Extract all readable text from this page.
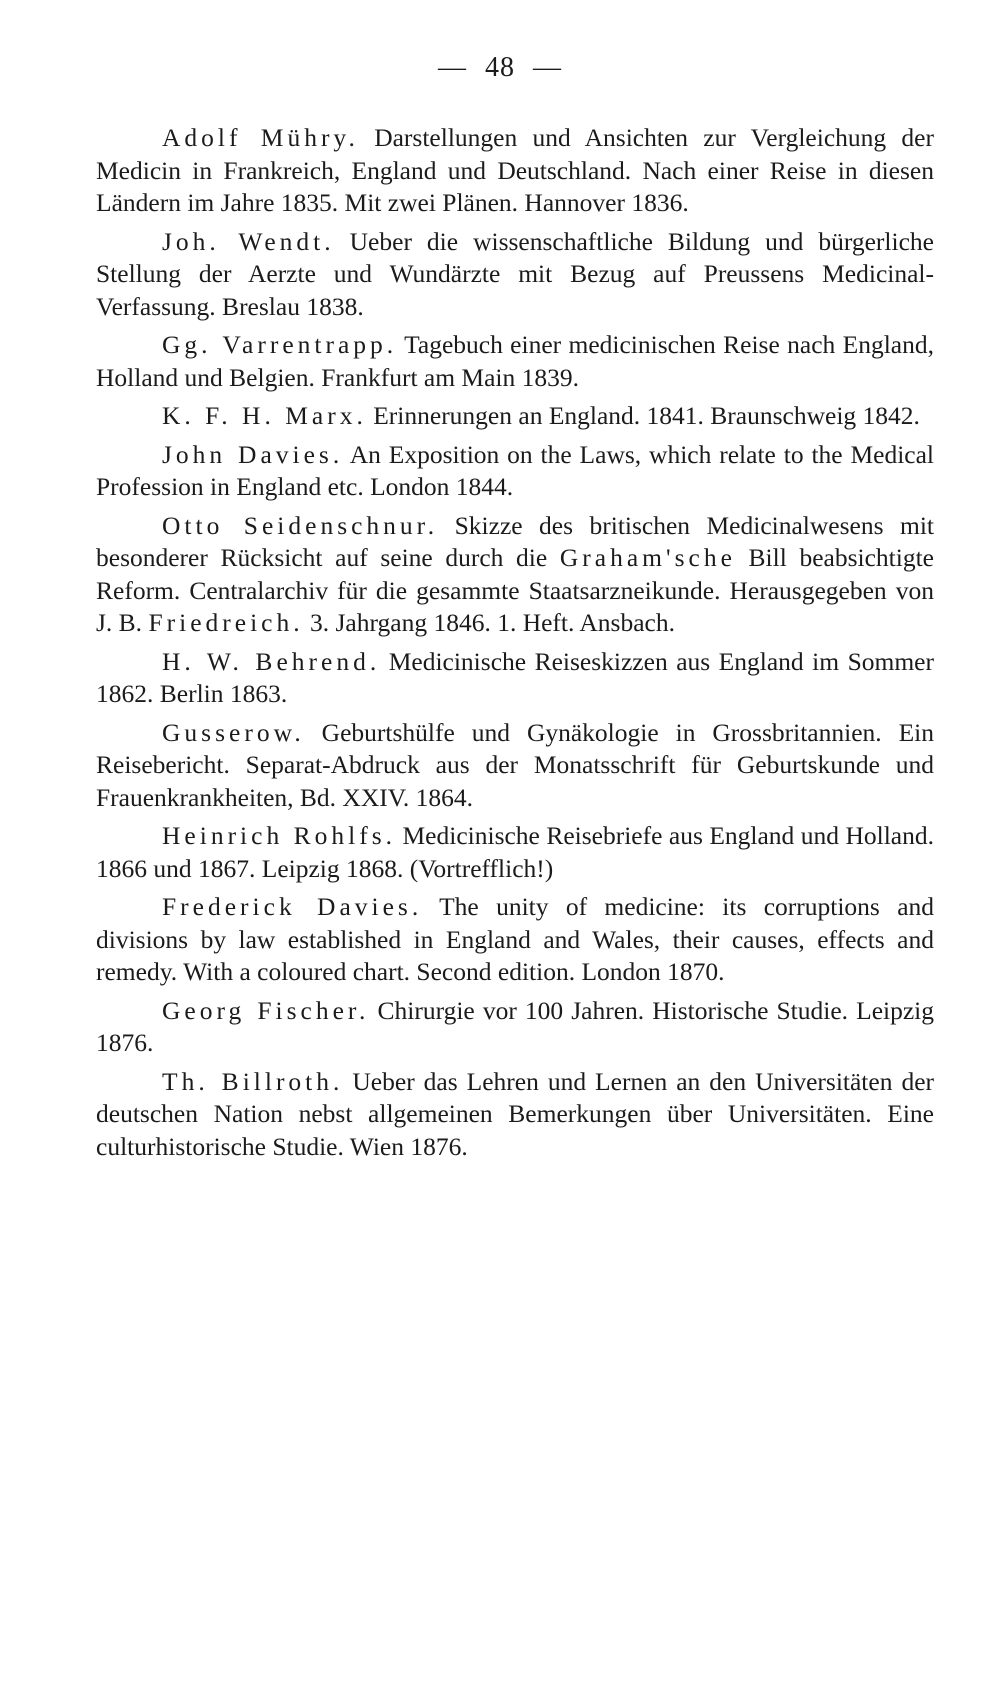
— 48 —

Adolf Mühry. Darstellungen und Ansichten zur Vergleichung der Medicin in Frankreich, England und Deutschland. Nach einer Reise in diesen Ländern im Jahre 1835. Mit zwei Plänen. Hannover 1836.

Joh. Wendt. Ueber die wissenschaftliche Bildung und bürgerliche Stellung der Aerzte und Wundärzte mit Bezug auf Preussens Medicinal-Verfassung. Breslau 1838.

Gg. Varrentrapp. Tagebuch einer medicinischen Reise nach England, Holland und Belgien. Frankfurt am Main 1839.

K. F. H. Marx. Erinnerungen an England. 1841. Braunschweig 1842.

John Davies. An Exposition on the Laws, which relate to the Medical Profession in England etc. London 1844.

Otto Seidenschnur. Skizze des britischen Medicinalwesens mit besonderer Rücksicht auf seine durch die Graham'sche Bill beabsichtigte Reform. Centralarchiv für die gesammte Staatsarzneikunde. Herausgegeben von J. B. Friedreich. 3. Jahrgang 1846. 1. Heft. Ansbach.

H. W. Behrend. Medicinische Reiseskizzen aus England im Sommer 1862. Berlin 1863.

Gusserow. Geburtshülfe und Gynäkologie in Grossbritannien. Ein Reisebericht. Separat-Abdruck aus der Monatsschrift für Geburtskunde und Frauenkrankheiten, Bd. XXIV. 1864.

Heinrich Rohlfs. Medicinische Reisebriefe aus England und Holland. 1866 und 1867. Leipzig 1868. (Vortrefflich!)

Frederick Davies. The unity of medicine: its corruptions and divisions by law established in England and Wales, their causes, effects and remedy. With a coloured chart. Second edition. London 1870.

Georg Fischer. Chirurgie vor 100 Jahren. Historische Studie. Leipzig 1876.

Th. Billroth. Ueber das Lehren und Lernen an den Universitäten der deutschen Nation nebst allgemeinen Bemerkungen über Universitäten. Eine culturhistorische Studie. Wien 1876.
